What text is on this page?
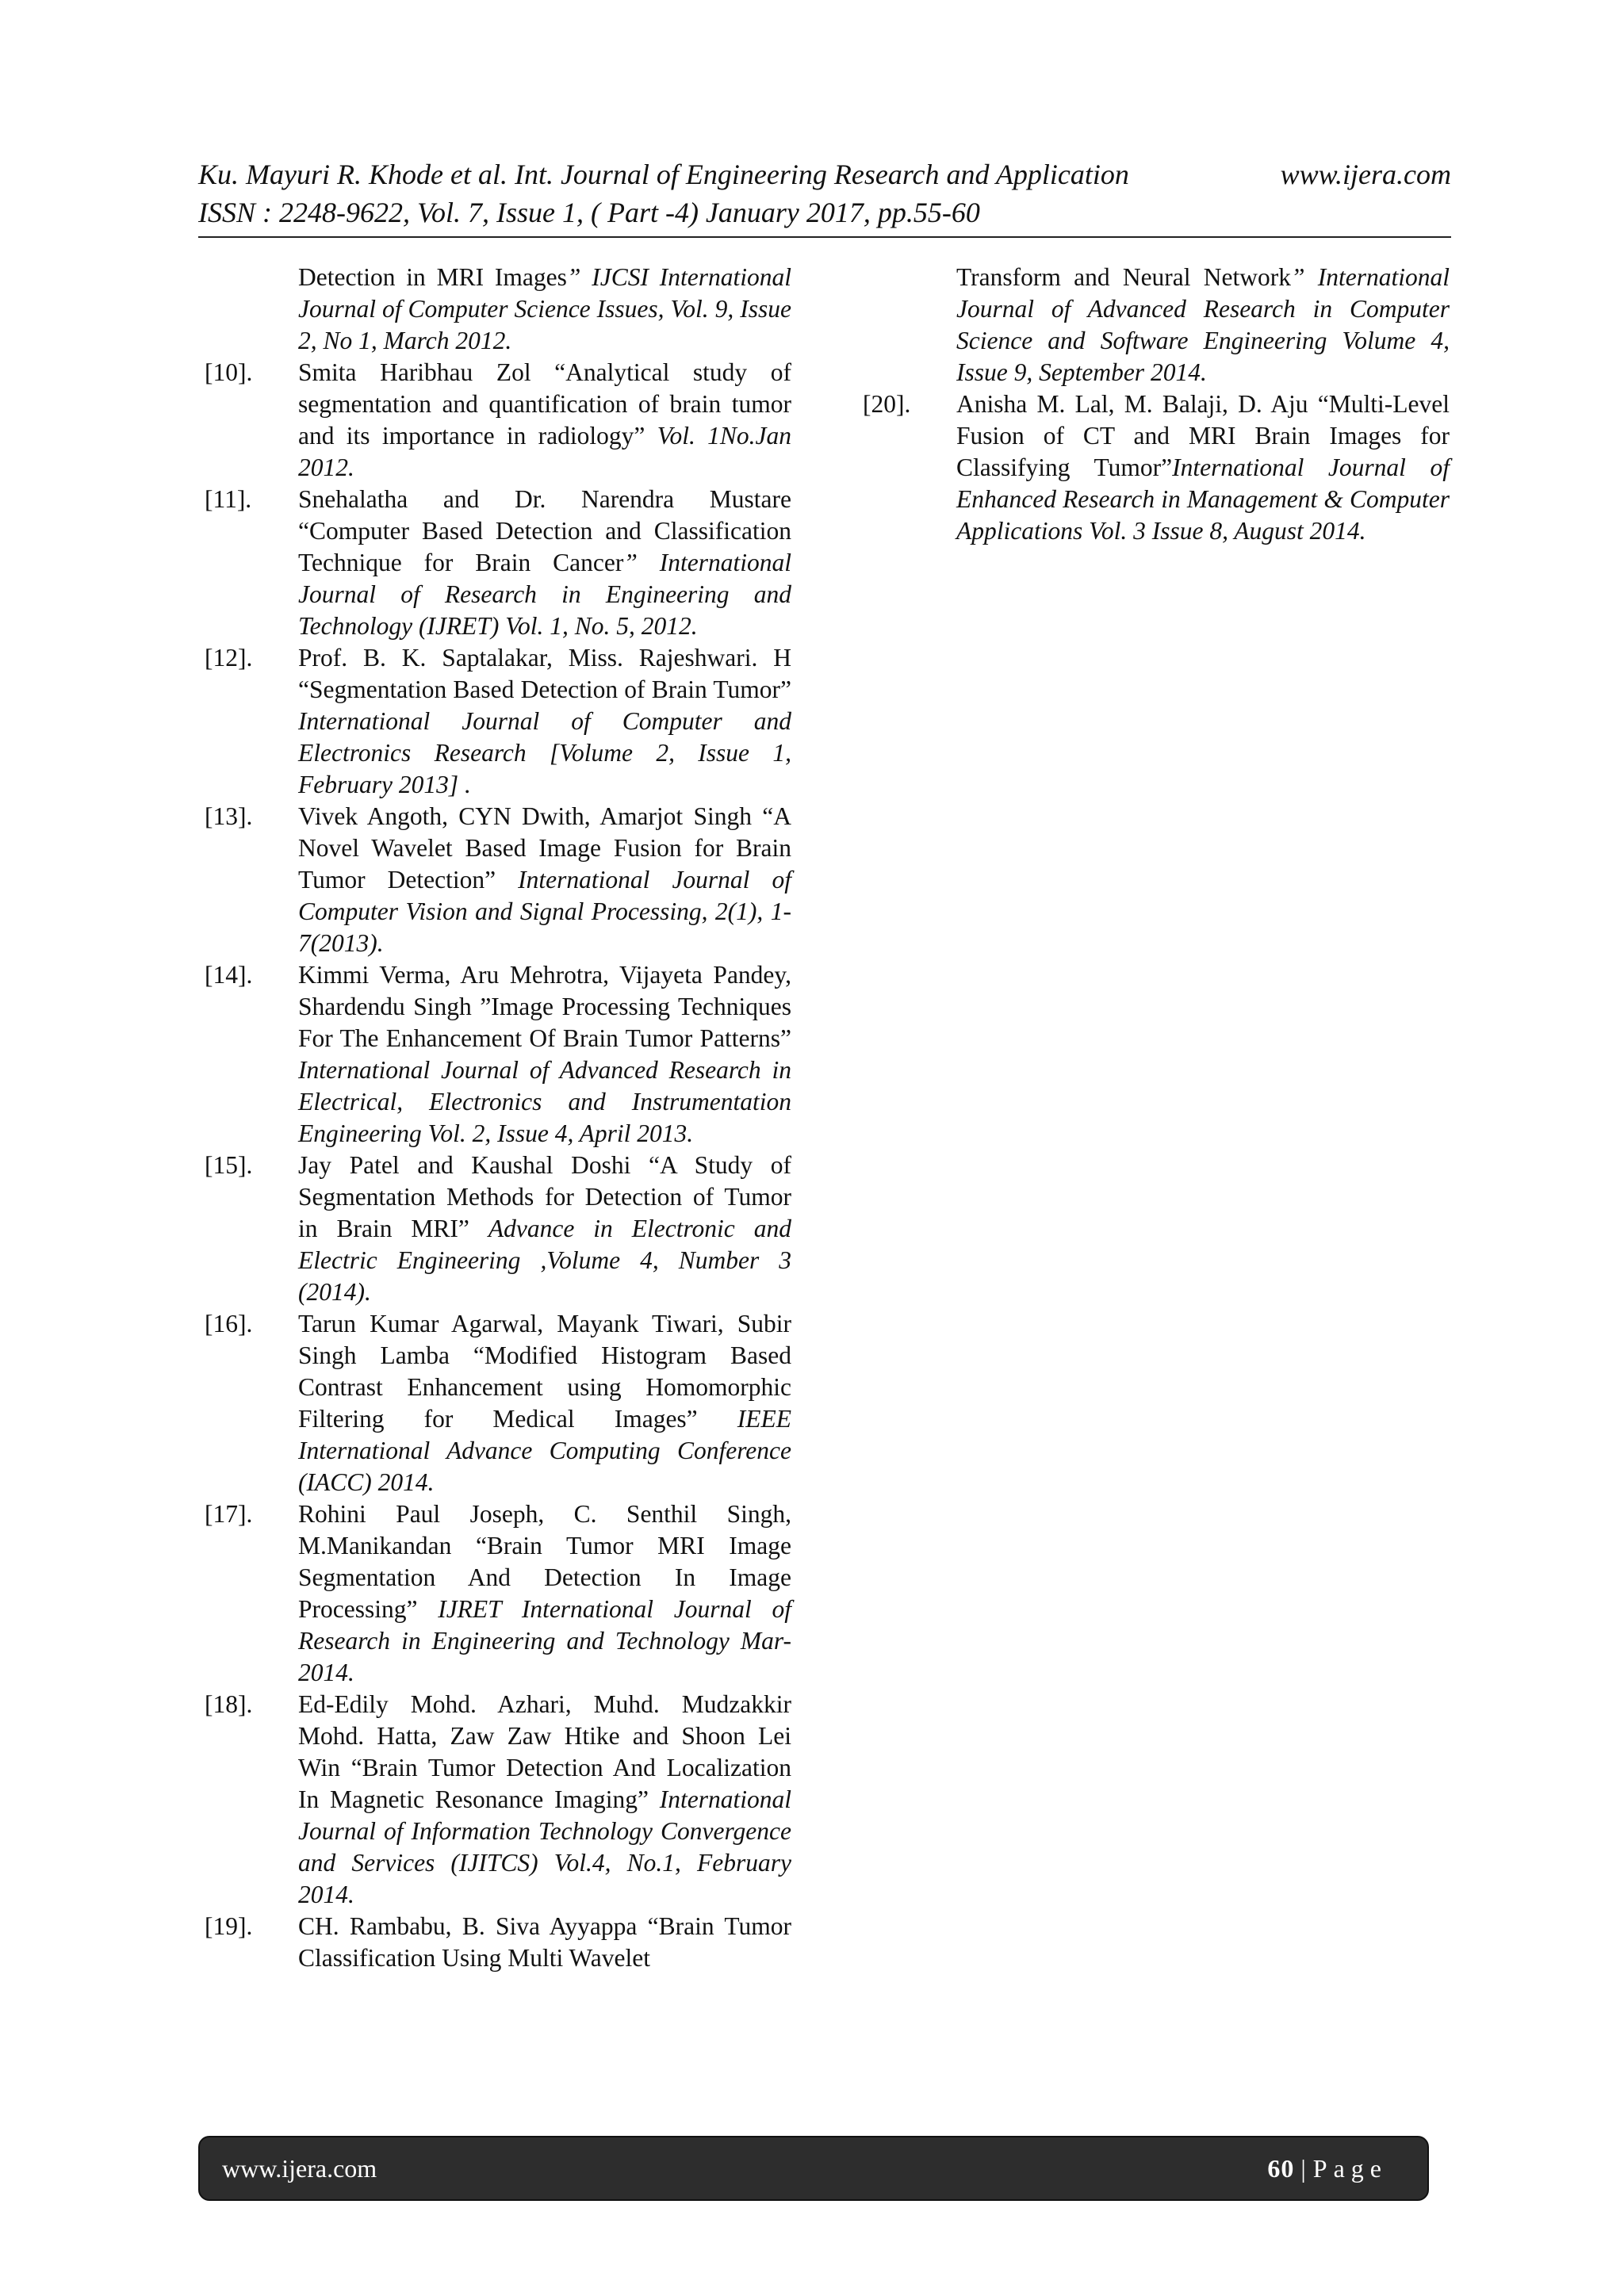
Ku. Mayuri R. Khode et al. Int. Journal of Engineering Research and Application	www.ijera.com
ISSN : 2248-9622, Vol. 7, Issue 1, ( Part -4) January 2017, pp.55-60
Detection in MRI Images” IJCSI International Journal of Computer Science Issues, Vol. 9, Issue 2, No 1, March 2012.
[10].	Smita Haribhau Zol “Analytical study of segmentation and quantification of brain tumor and its importance in radiology” Vol. 1No.Jan 2012.
[11].	Snehalatha and Dr. Narendra Mustare “Computer Based Detection and Classification Technique for Brain Cancer” International Journal of Research in Engineering and Technology (IJRET) Vol. 1, No. 5, 2012.
[12].	Prof. B. K. Saptalakar, Miss. Rajeshwari. H “Segmentation Based Detection of Brain Tumor” International Journal of Computer and Electronics Research [Volume 2, Issue 1, February 2013] .
[13].	Vivek Angoth, CYN Dwith, Amarjot Singh “A Novel Wavelet Based Image Fusion for Brain Tumor Detection” International Journal of Computer Vision and Signal Processing, 2(1), 1-7(2013).
[14].	Kimmi Verma, Aru Mehrotra, Vijayeta Pandey, Shardendu Singh ”Image Processing Techniques For The Enhancement Of Brain Tumor Patterns” International Journal of Advanced Research in Electrical, Electronics and Instrumentation Engineering Vol. 2, Issue 4, April 2013.
[15].	Jay Patel and Kaushal Doshi “A Study of Segmentation Methods for Detection of Tumor in Brain MRI” Advance in Electronic and Electric Engineering ,Volume 4, Number 3 (2014).
[16].	Tarun Kumar Agarwal, Mayank Tiwari, Subir Singh Lamba “Modified Histogram Based Contrast Enhancement using Homomorphic Filtering for Medical Images” IEEE International Advance Computing Conference (IACC) 2014.
[17].	Rohini Paul Joseph, C. Senthil Singh, M.Manikandan “Brain Tumor MRI Image Segmentation And Detection In Image Processing” IJRET International Journal of Research in Engineering and Technology Mar-2014.
[18].	Ed-Edily Mohd. Azhari, Muhd. Mudzakkir Mohd. Hatta, Zaw Zaw Htike and Shoon Lei Win “Brain Tumor Detection And Localization In Magnetic Resonance Imaging” International Journal of Information Technology Convergence and Services (IJITCS) Vol.4, No.1, February 2014.
[19].	CH. Rambabu, B. Siva Ayyappa “Brain Tumor Classification Using Multi Wavelet
Transform and Neural Network” International Journal of Advanced Research in Computer Science and Software Engineering Volume 4, Issue 9, September 2014.
[20].	Anisha M. Lal, M. Balaji, D. Aju “Multi-Level Fusion of CT and MRI Brain Images for Classifying Tumor”International Journal of Enhanced Research in Management & Computer Applications Vol. 3 Issue 8, August 2014.
www.ijera.com	60 | Page
